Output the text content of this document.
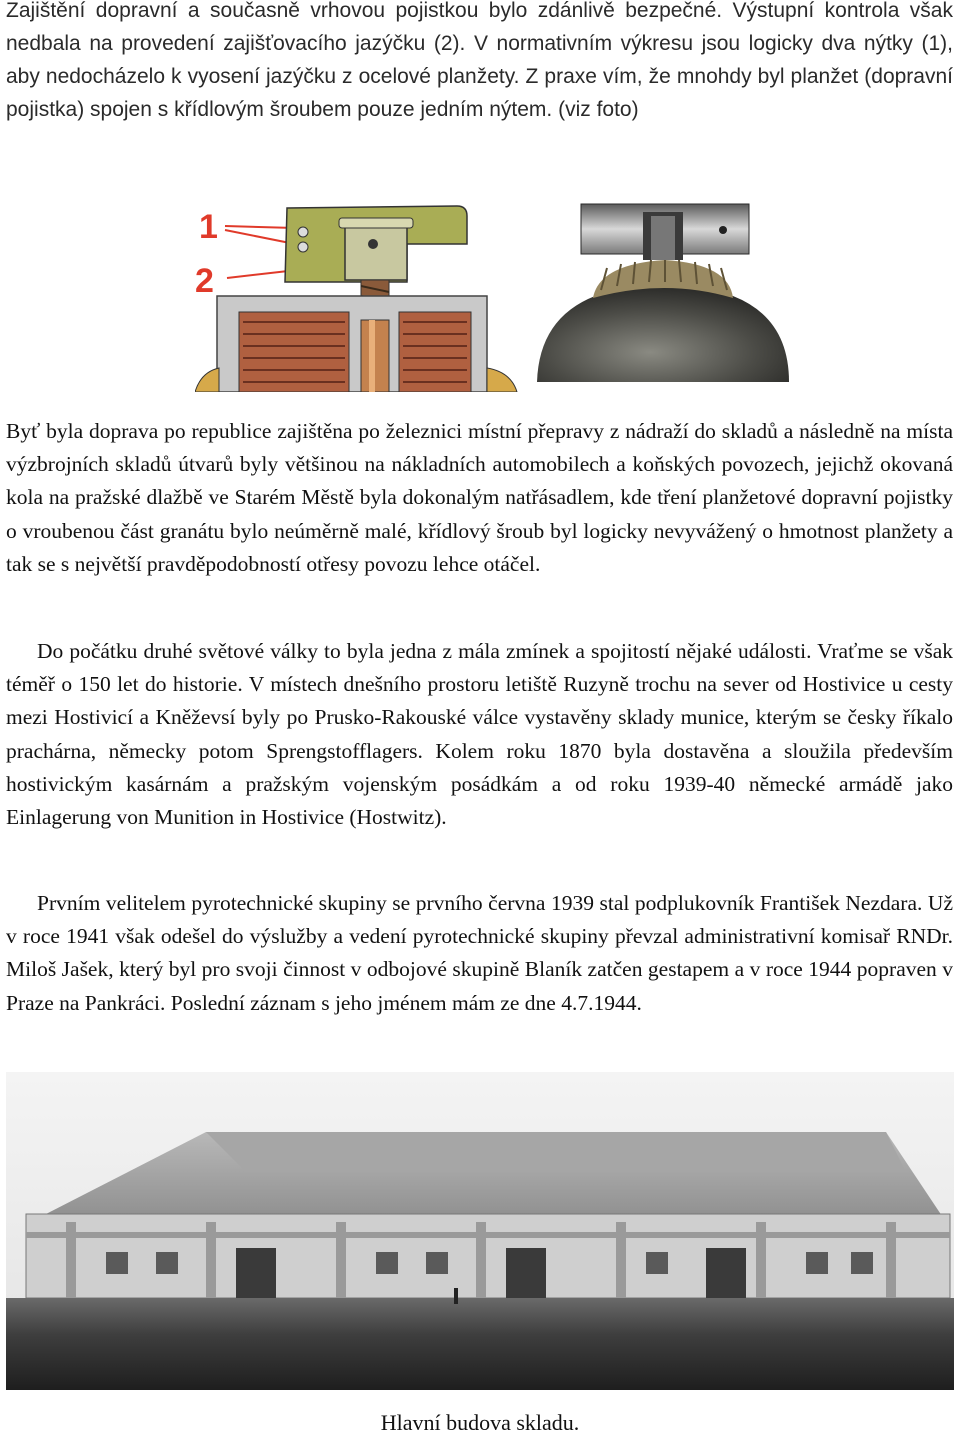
Zajištění dopravní a současně vrhovou pojistkou bylo zdánlivě bezpečné. Výstupní kontrola však nedbala na provedení zajišťovacího jazýčku (2). V normativním výkresu jsou logicky dva nýtky (1), aby nedocházelo k vyosení jazýčku z ocelové planžety. Z praxe vím, že mnohdy byl planžet (dopravní pojistka) spojen s křídlovým šroubem pouze jedním nýtem. (viz foto)
1
2
Byť byla doprava po republice zajištěna po železnici místní přepravy z nádraží do skladů a následně na místa výzbrojních skladů útvarů byly většinou na nákladních automobilech a koňských povozech, jejichž okovaná kola na pražské dlažbě ve Starém Městě byla dokonalým natřásadlem, kde tření planžetové dopravní pojistky o vroubenou část granátu bylo neúměrně malé, křídlový šroub byl logicky nevyvážený o hmotnost planžety a tak se s největší pravděpodobností otřesy povozu lehce otáčel.
Do počátku druhé světové války to byla jedna z mála zmínek a spojitostí nějaké události. Vraťme se však téměř o 150 let do historie. V místech dnešního prostoru letiště Ruzyně trochu na sever od Hostivice u cesty mezi Hostivicí a Kněževsí byly po Prusko-Rakouské válce vystavěny sklady munice, kterým se česky říkalo prachárna, německy potom Sprengstofflagers. Kolem roku 1870 byla dostavěna a sloužila především hostivickým kasárnám a pražským vojenským posádkám a od roku 1939-40 německé armádě jako Einlagerung von Munition in Hostivice (Hostwitz).
Prvním velitelem pyrotechnické skupiny se prvního června 1939 stal podplukovník František Nezdara. Už v roce 1941 však odešel do výslužby a vedení pyrotechnické skupiny převzal administrativní komisař RNDr. Miloš Jašek, který byl pro svoji činnost v odbojové skupině Blaník zatčen gestapem a v roce 1944 popraven v Praze na Pankráci. Poslední záznam s jeho jménem mám ze dne 4.7.1944.
Hlavní budova skladu.
